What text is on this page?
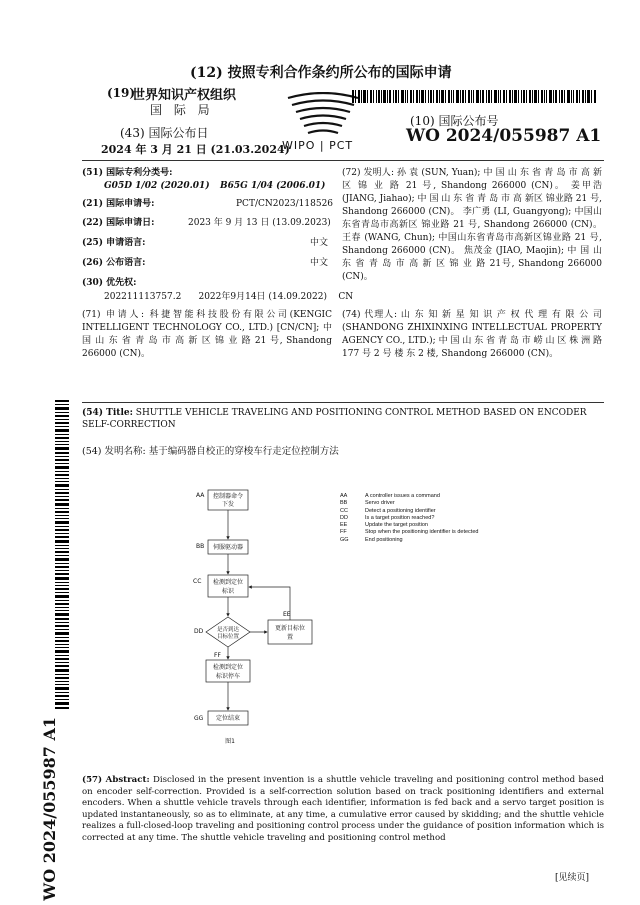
(12) 按照专利合作条约所公布的国际申请
(19)
世界知识产权组织
国 际 局
(43) 国际公布日
2024 年 3 月 21 日 (21.03.2024)
WIPO | PCT
(10) 国际公布号
WO 2024/055987 A1
(51) 国际专利分类号:
G05D 1/02 (2020.01) B65G 1/04 (2006.01)
(21) 国际申请号:	PCT/CN2023/118526
(22) 国际申请日:	2023 年 9 月 13 日 (13.09.2023)
(25) 申请语言:	中文
(26) 公布语言:	中文
(30) 优先权:
202211113757.2      2022年9月14日 (14.09.2022)    CN
(71) 申请人: 科捷智能科技股份有限公司(KENGIC INTELLIGENT TECHNOLOGY CO., LTD.) [CN/CN]; 中 国 山 东 省 青 岛 市 高 新 区 锦 业 路 21 号, Shandong 266000 (CN)。
(72) 发明人: 孙 袁 (SUN, Yuan); 中 国 山 东 省 青 岛 市 高 新 区 锦 业 路 21 号, Shandong 266000 (CN)。 姜甲浩 (JIANG, Jiahao); 中 国 山 东 省 青 岛 市 高 新区 锦业路 21 号, Shandong 266000 (CN)。 李广勇 (LI, Guangyong); 中国山东省青岛市高新区 锦业路 21 号, Shandong 266000 (CN)。 王春 (WANG, Chun); 中国山东省青岛市高新区锦业路 21 号, Shandong 266000 (CN)。 焦茂金 (JIAO, Maojin); 中 国 山 东 省 青 岛 市 高 新 区 锦 业 路 21号, Shandong 266000 (CN)。
(74) 代理人: 山 东 知 新 星 知 识 产 权 代 理 有 限 公 司 (SHANDONG ZHIXINXING INTELLECTUAL PROPERTY AGENCY CO., LTD.); 中 国 山 东 省 青 岛 市 崂 山 区 株 洲 路 177 号 2 号 楼 东 2 楼, Shandong 266000 (CN)。
WO 2024/055987 A1
(54) Title: SHUTTLE VEHICLE TRAVELING AND POSITIONING CONTROL METHOD BASED ON ENCODER SELF-CORRECTION
(54) 发明名称: 基于编码器自校正的穿梭车行走定位控制方法
AA 控制器命令
下发
BB 伺服驱动器
CC 检测到定位
标识
DD 是否到达
目标位置
EE
更新目标位
置
FF
检测到定位
标识停车
GG 定位结束
图1
AA	A controller issues a command
BB	Servo driver
CC	Detect a positioning identifier
DD	Is a target position reached?
EE	Update the target position
FF	Stop when the positioning identifier is detected
GG	End positioning
(57) Abstract: Disclosed in the present invention is a shuttle vehicle traveling and positioning control method based on encoder self-correction. Provided is a self-correction solution based on track positioning identifiers and external encoders. When a shuttle vehicle travels through each identifier, information is fed back and a servo target position is updated instantaneously, so as to eliminate, at any time, a cumulative error caused by skidding; and the shuttle vehicle realizes a full-closed-loop traveling and positioning control process under the guidance of position information which is corrected at any time. The shuttle vehicle traveling and positioning control method
[见续页]
